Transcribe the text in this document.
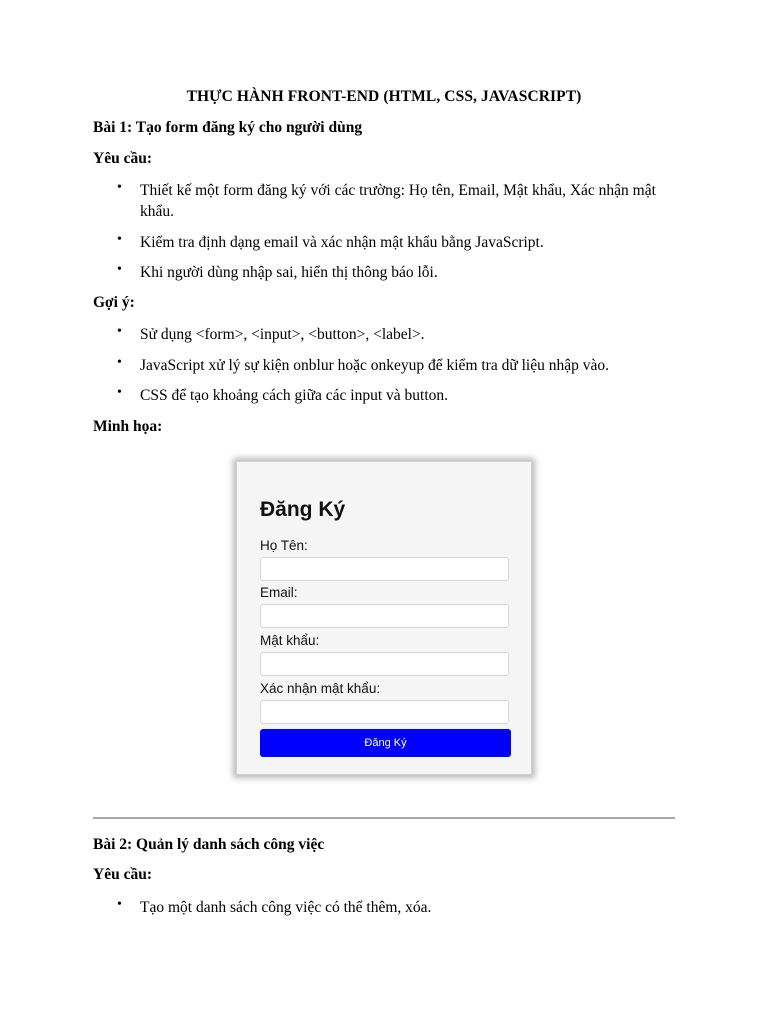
THỰC HÀNH FRONT-END (HTML, CSS, JAVASCRIPT)
Bài 1: Tạo form đăng ký cho người dùng
Yêu cầu:
• Thiết kế một form đăng ký với các trường: Họ tên, Email, Mật khẩu, Xác nhận mật khẩu.
• Kiểm tra định dạng email và xác nhận mật khẩu bằng JavaScript.
• Khi người dùng nhập sai, hiển thị thông báo lỗi.
Gợi ý:
• Sử dụng <form>, <input>, <button>, <label>.
• JavaScript xử lý sự kiện onblur hoặc onkeyup để kiểm tra dữ liệu nhập vào.
• CSS để tạo khoảng cách giữa các input và button.
Minh họa:
Đăng Ký
Họ Tên:
Email:
Mật khẩu:
Xác nhận mật khẩu:
Đăng Ký
Bài 2: Quản lý danh sách công việc
Yêu cầu:
• Tạo một danh sách công việc có thể thêm, xóa.
